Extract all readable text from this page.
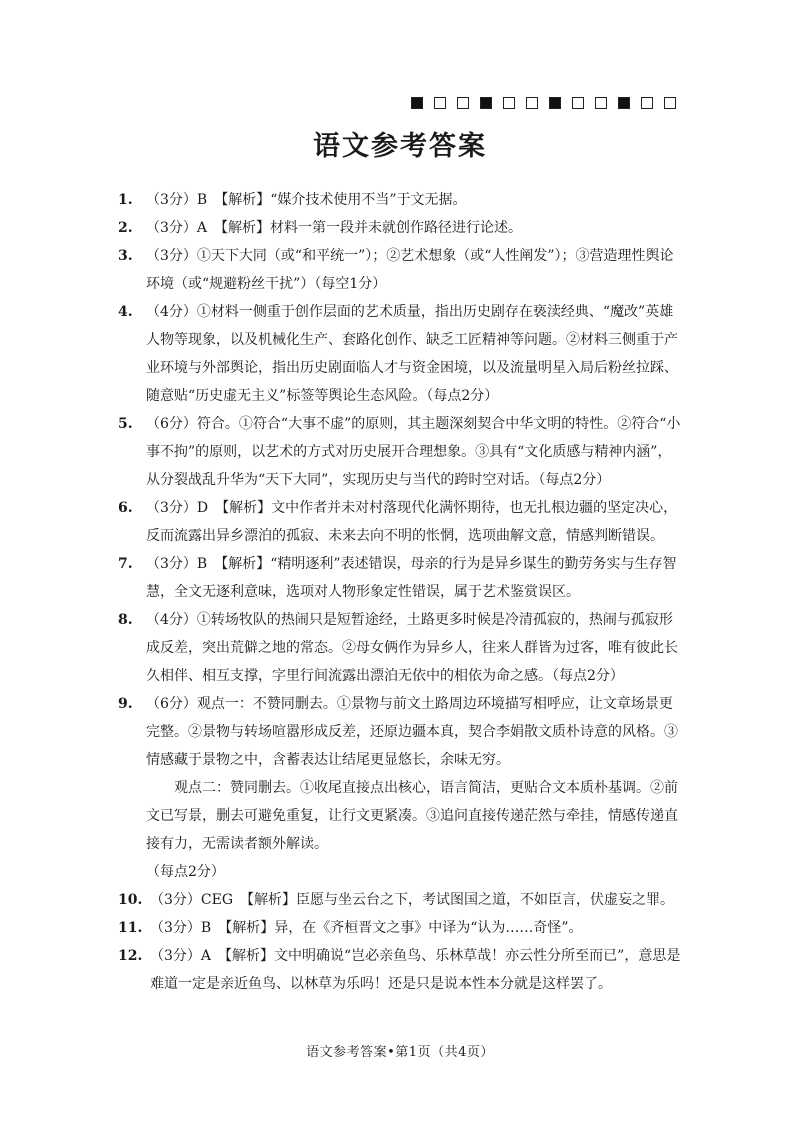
语文参考答案
1. （3分）B　【解析】“媒介技术使用不当”于文无据。
2. （3分）A　【解析】材料一第一段并未就创作路径进行论述。
3. （3分）①天下大同（或“和平统一”）；②艺术想象（或“人性阐发”）；③营造理性舆论环境（或“规避粉丝干扰”）（每空1分）
4. （4分）①材料一侧重于创作层面的艺术质量，指出历史剧存在亵渎经典、“魔改”英雄人物等现象，以及机械化生产、套路化创作、缺乏工匠精神等问题。②材料三侧重于产业环境与外部舆论，指出历史剧面临人才与资金困境，以及流量明星入局后粉丝拉踩、随意贴“历史虚无主义”标签等舆论生态风险。（每点2分）
5. （6分）符合。①符合“大事不虚”的原则，其主题深刻契合中华文明的特性。②符合“小事不拘”的原则，以艺术的方式对历史展开合理想象。③具有“文化质感与精神内涵”，从分裂战乱升华为“天下大同”，实现历史与当代的跨时空对话。（每点2分）
6. （3分）D　【解析】文中作者并未对村落现代化满怀期待，也无扎根边疆的坚定决心，反而流露出异乡漂泊的孤寂、未来去向不明的怅惘，选项曲解文意，情感判断错误。
7. （3分）B　【解析】“精明逐利”表述错误，母亲的行为是异乡谋生的勤劳务实与生存智慧，全文无逐利意味，选项对人物形象定性错误，属于艺术鉴赏误区。
8. （4分）①转场牧队的热闹只是短暂途经，土路更多时候是冷清孤寂的，热闹与孤寂形成反差，突出荒僻之地的常态。②母女俩作为异乡人，往来人群皆为过客，唯有彼此长久相伴、相互支撑，字里行间流露出漂泊无依中的相依为命之感。（每点2分）
9. （6分）观点一：不赞同删去。①景物与前文土路周边环境描写相呼应，让文章场景更完整。②景物与转场喧嚣形成反差，还原边疆本真，契合李娟散文质朴诗意的风格。③情感藏于景物之中，含蓄表达让结尾更显悠长，余味无穷。
观点二：赞同删去。①收尾直接点出核心，语言简洁，更贴合文本质朴基调。②前文已写景，删去可避免重复，让行文更紧凑。③追问直接传递茫然与牵挂，情感传递直接有力，无需读者额外解读。
（每点2分）
10. （3分）CEG　【解析】臣愿与坐云台之下，考试图国之道，不如臣言，伏虚妄之罪。
11. （3分）B　【解析】异，在《齐桓晋文之事》中译为“认为……奇怪”。
12. （3分）A　【解析】文中明确说“岂必亲鱼鸟、乐林草哉！亦云性分所至而已”，意思是难道一定是亲近鱼鸟、以林草为乐吗！还是只是说本性本分就是这样罢了。
语文参考答案•第1页（共4页）
